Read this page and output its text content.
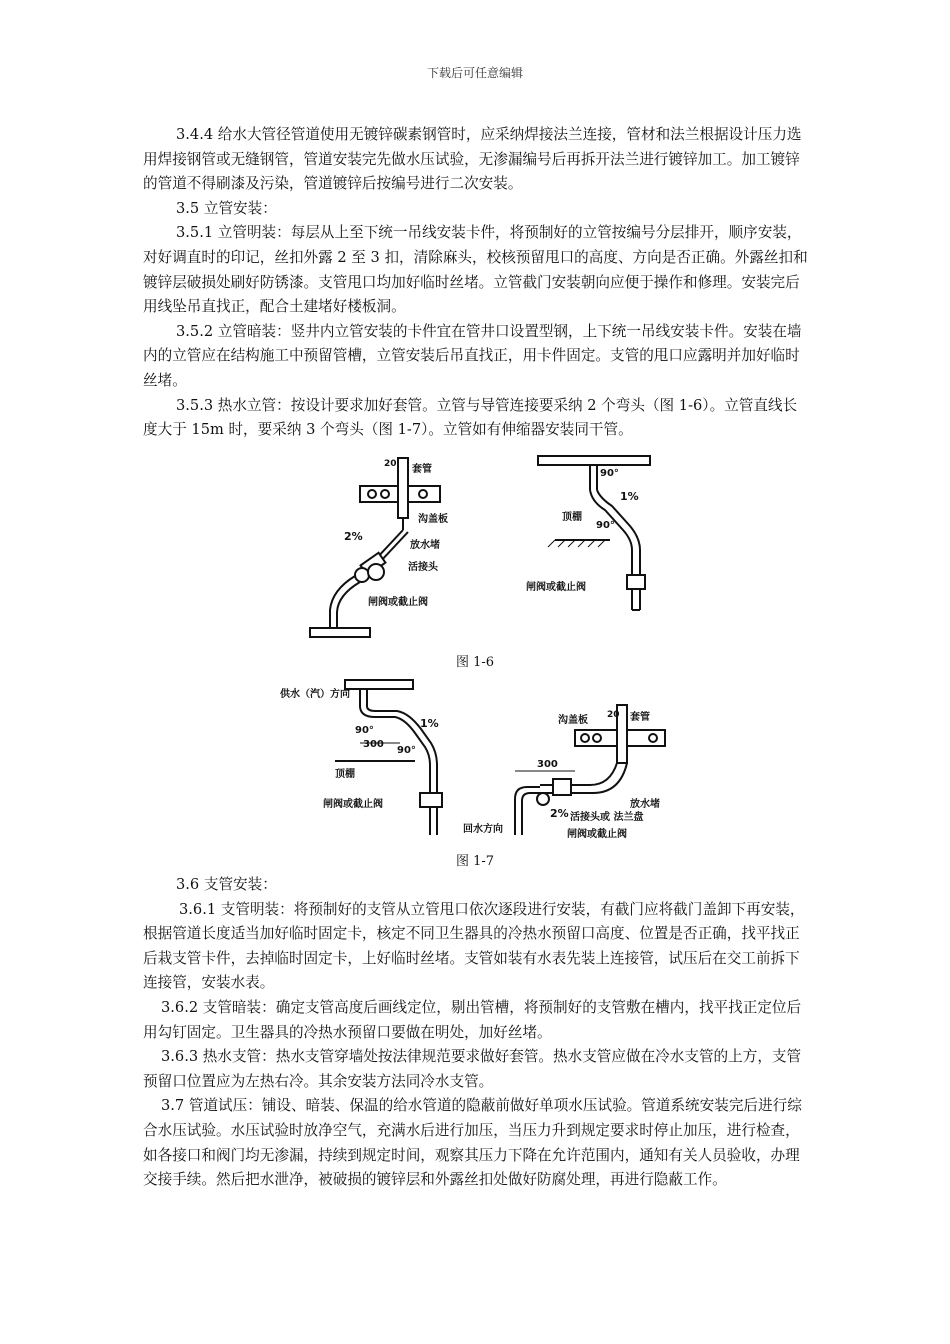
下载后可任意编辑

3.4.4 给水大管径管道使用无镀锌碳素钢管时，应采纳焊接法兰连接，管材和法兰根据设计压力选用焊接钢管或无缝钢管，管道安装完先做水压试验，无渗漏编号后再拆开法兰进行镀锌加工。加工镀锌的管道不得刷漆及污染，管道镀锌后按编号进行二次安装。

3.5 立管安装：

3.5.1 立管明装：每层从上至下统一吊线安装卡件，将预制好的立管按编号分层排开，顺序安装，对好调直时的印记，丝扣外露 2 至 3 扣，清除麻头，校核预留甩口的高度、方向是否正确。外露丝扣和镀锌层破损处刷好防锈漆。支管甩口均加好临时丝堵。立管截门安装朝向应便于操作和修理。安装完后用线坠吊直找正，配合土建堵好楼板洞。

3.5.2 立管暗装：竖井内立管安装的卡件宜在管井口设置型钢，上下统一吊线安装卡件。安装在墙内的立管应在结构施工中预留管槽，立管安装后吊直找正，用卡件固定。支管的甩口应露明并加好临时丝堵。

3.5.3 热水立管：按设计要求加好套管。立管与导管连接要采纳 2 个弯头（图 1-6）。立管直线长度大于 15m 时，要采纳 3 个弯头（图 1-7）。立管如有伸缩器安装同干管。

20 套管
沟盖板
2%
放水堵
活接头
闸阀或截止阀
90°
1%
顶棚
90°
闸阀或截止阀
图 1-6
供水（汽）方向
1%
90°
300
90°
顶棚
闸阀或截止阀
沟盖板 20 套管
300
放水堵
2% 活接头或 法兰盘
回水方向	闸阀或截止阀
图 1-7

3.6 支管安装：

3.6.1 支管明装：将预制好的支管从立管甩口依次逐段进行安装，有截门应将截门盖卸下再安装，根据管道长度适当加好临时固定卡，核定不同卫生器具的冷热水预留口高度、位置是否正确，找平找正后栽支管卡件，去掉临时固定卡，上好临时丝堵。支管如装有水表先装上连接管，试压后在交工前拆下连接管，安装水表。

3.6.2 支管暗装：确定支管高度后画线定位，剔出管槽，将预制好的支管敷在槽内，找平找正定位后用勾钉固定。卫生器具的冷热水预留口要做在明处，加好丝堵。

3.6.3 热水支管：热水支管穿墙处按法律规范要求做好套管。热水支管应做在冷水支管的上方，支管预留口位置应为左热右冷。其余安装方法同冷水支管。

3.7 管道试压：铺设、暗装、保温的给水管道的隐蔽前做好单项水压试验。管道系统安装完后进行综合水压试验。水压试验时放净空气，充满水后进行加压，当压力升到规定要求时停止加压，进行检查，如各接口和阀门均无渗漏，持续到规定时间，观察其压力下降在允许范围内，通知有关人员验收，办理交接手续。然后把水泄净，被破损的镀锌层和外露丝扣处做好防腐处理，再进行隐蔽工作。
